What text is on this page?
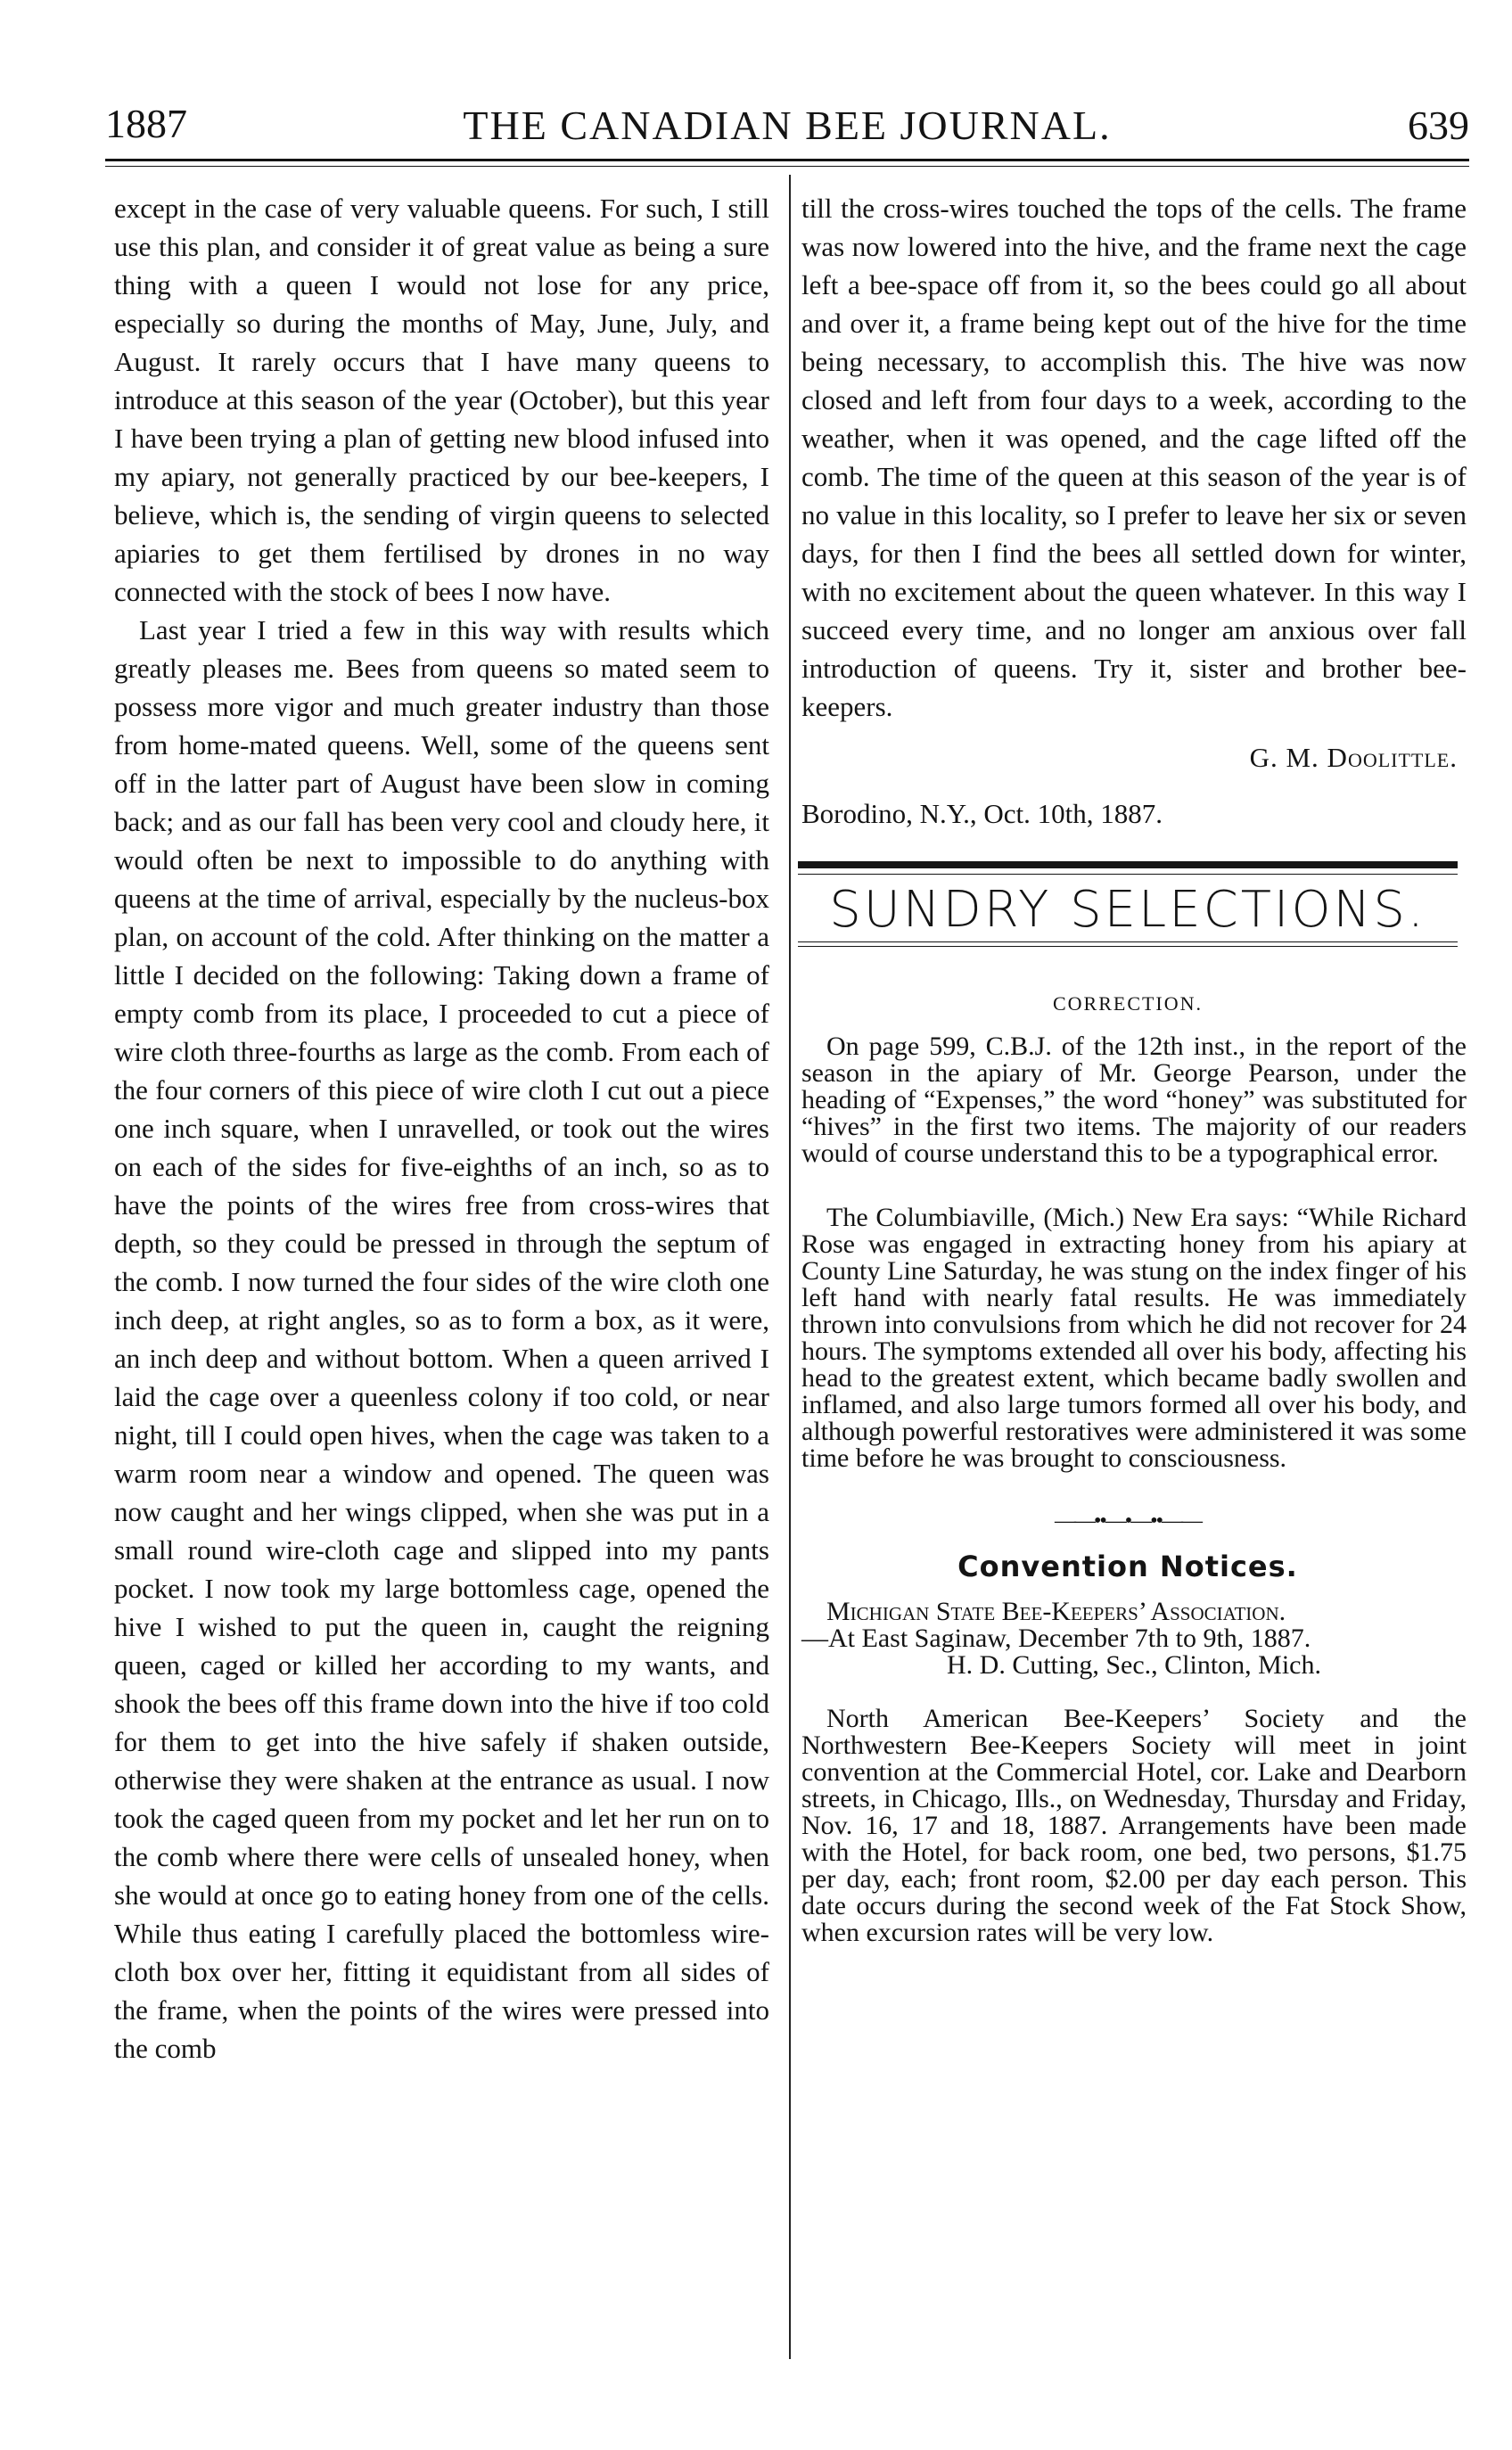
1887	THE CANADIAN BEE JOURNAL.	639

except in the case of very valuable queens. For such, I still use this plan, and consider it of great value as being a sure thing with a queen I would not lose for any price, especially so during the months of May, June, July, and August. It rarely occurs that I have many queens to introduce at this season of the year (October), but this year I have been trying a plan of getting new blood infused into my apiary, not generally practiced by our bee-keepers, I believe, which is, the sending of virgin queens to selected apiaries to get them fertilised by drones in no way connected with the stock of bees I now have.

Last year I tried a few in this way with results which greatly pleases me. Bees from queens so mated seem to possess more vigor and much greater industry than those from home-mated queens. Well, some of the queens sent off in the latter part of August have been slow in coming back; and as our fall has been very cool and cloudy here, it would often be next to impossible to do anything with queens at the time of arrival, especially by the nucleus-box plan, on account of the cold. After thinking on the matter a little I decided on the following: Taking down a frame of empty comb from its place, I proceeded to cut a piece of wire cloth three-fourths as large as the comb. From each of the four corners of this piece of wire cloth I cut out a piece one inch square, when I unravelled, or took out the wires on each of the sides for five-eighths of an inch, so as to have the points of the wires free from cross-wires that depth, so they could be pressed in through the septum of the comb. I now turned the four sides of the wire cloth one inch deep, at right angles, so as to form a box, as it were, an inch deep and without bottom. When a queen arrived I laid the cage over a queenless colony if too cold, or near night, till I could open hives, when the cage was taken to a warm room near a window and opened. The queen was now caught and her wings clipped, when she was put in a small round wire-cloth cage and slipped into my pants pocket. I now took my large bottomless cage, opened the hive I wished to put the queen in, caught the reigning queen, caged or killed her according to my wants, and shook the bees off this frame down into the hive if too cold for them to get into the hive safely if shaken outside, otherwise they were shaken at the entrance as usual. I now took the caged queen from my pocket and let her run on to the comb where there were cells of unsealed honey, when she would at once go to eating honey from one of the cells. While thus eating I carefully placed the bottomless wire-cloth box over her, fitting it equidistant from all sides of the frame, when the points of the wires were pressed into the comb

till the cross-wires touched the tops of the cells. The frame was now lowered into the hive, and the frame next the cage left a bee-space off from it, so the bees could go all about and over it, a frame being kept out of the hive for the time being necessary, to accomplish this. The hive was now closed and left from four days to a week, according to the weather, when it was opened, and the cage lifted off the comb. The time of the queen at this season of the year is of no value in this locality, so I prefer to leave her six or seven days, for then I find the bees all settled down for winter, with no excitement about the queen whatever. In this way I succeed every time, and no longer am anxious over fall introduction of queens. Try it, sister and brother bee-keepers.

G. M. Doolittle.
Borodino, N.Y., Oct. 10th, 1887.
SUNDRY SELECTIONS.
CORRECTION.

On page 599, C.B.J. of the 12th inst., in the report of the season in the apiary of Mr. George Pearson, under the heading of “Expenses,” the word “honey” was substituted for “hives” in the first two items. The majority of our readers would of course understand this to be a typographical error.

The Columbiaville, (Mich.) New Era says: “While Richard Rose was engaged in extracting honey from his apiary at County Line Saturday, he was stung on the index finger of his left hand with nearly fatal results. He was immediately thrown into convulsions from which he did not recover for 24 hours. The symptoms extended all over his body, affecting his head to the greatest extent, which became badly swollen and inflamed, and also large tumors formed all over his body, and although powerful restoratives were administered it was some time before he was brought to consciousness.

——••—•—••——
Convention Notices.

Michigan State Bee-Keepers’ Association.

—At East Saginaw, December 7th to 9th, 1887.

H. D. Cutting, Sec., Clinton, Mich.

North American Bee-Keepers’ Society and the Northwestern Bee-Keepers Society will meet in joint convention at the Commercial Hotel, cor. Lake and Dearborn streets, in Chicago, Ills., on Wednesday, Thursday and Friday, Nov. 16, 17 and 18, 1887. Arrangements have been made with the Hotel, for back room, one bed, two persons, $1.75 per day, each; front room, $2.00 per day each person. This date occurs during the second week of the Fat Stock Show, when excursion rates will be very low.
